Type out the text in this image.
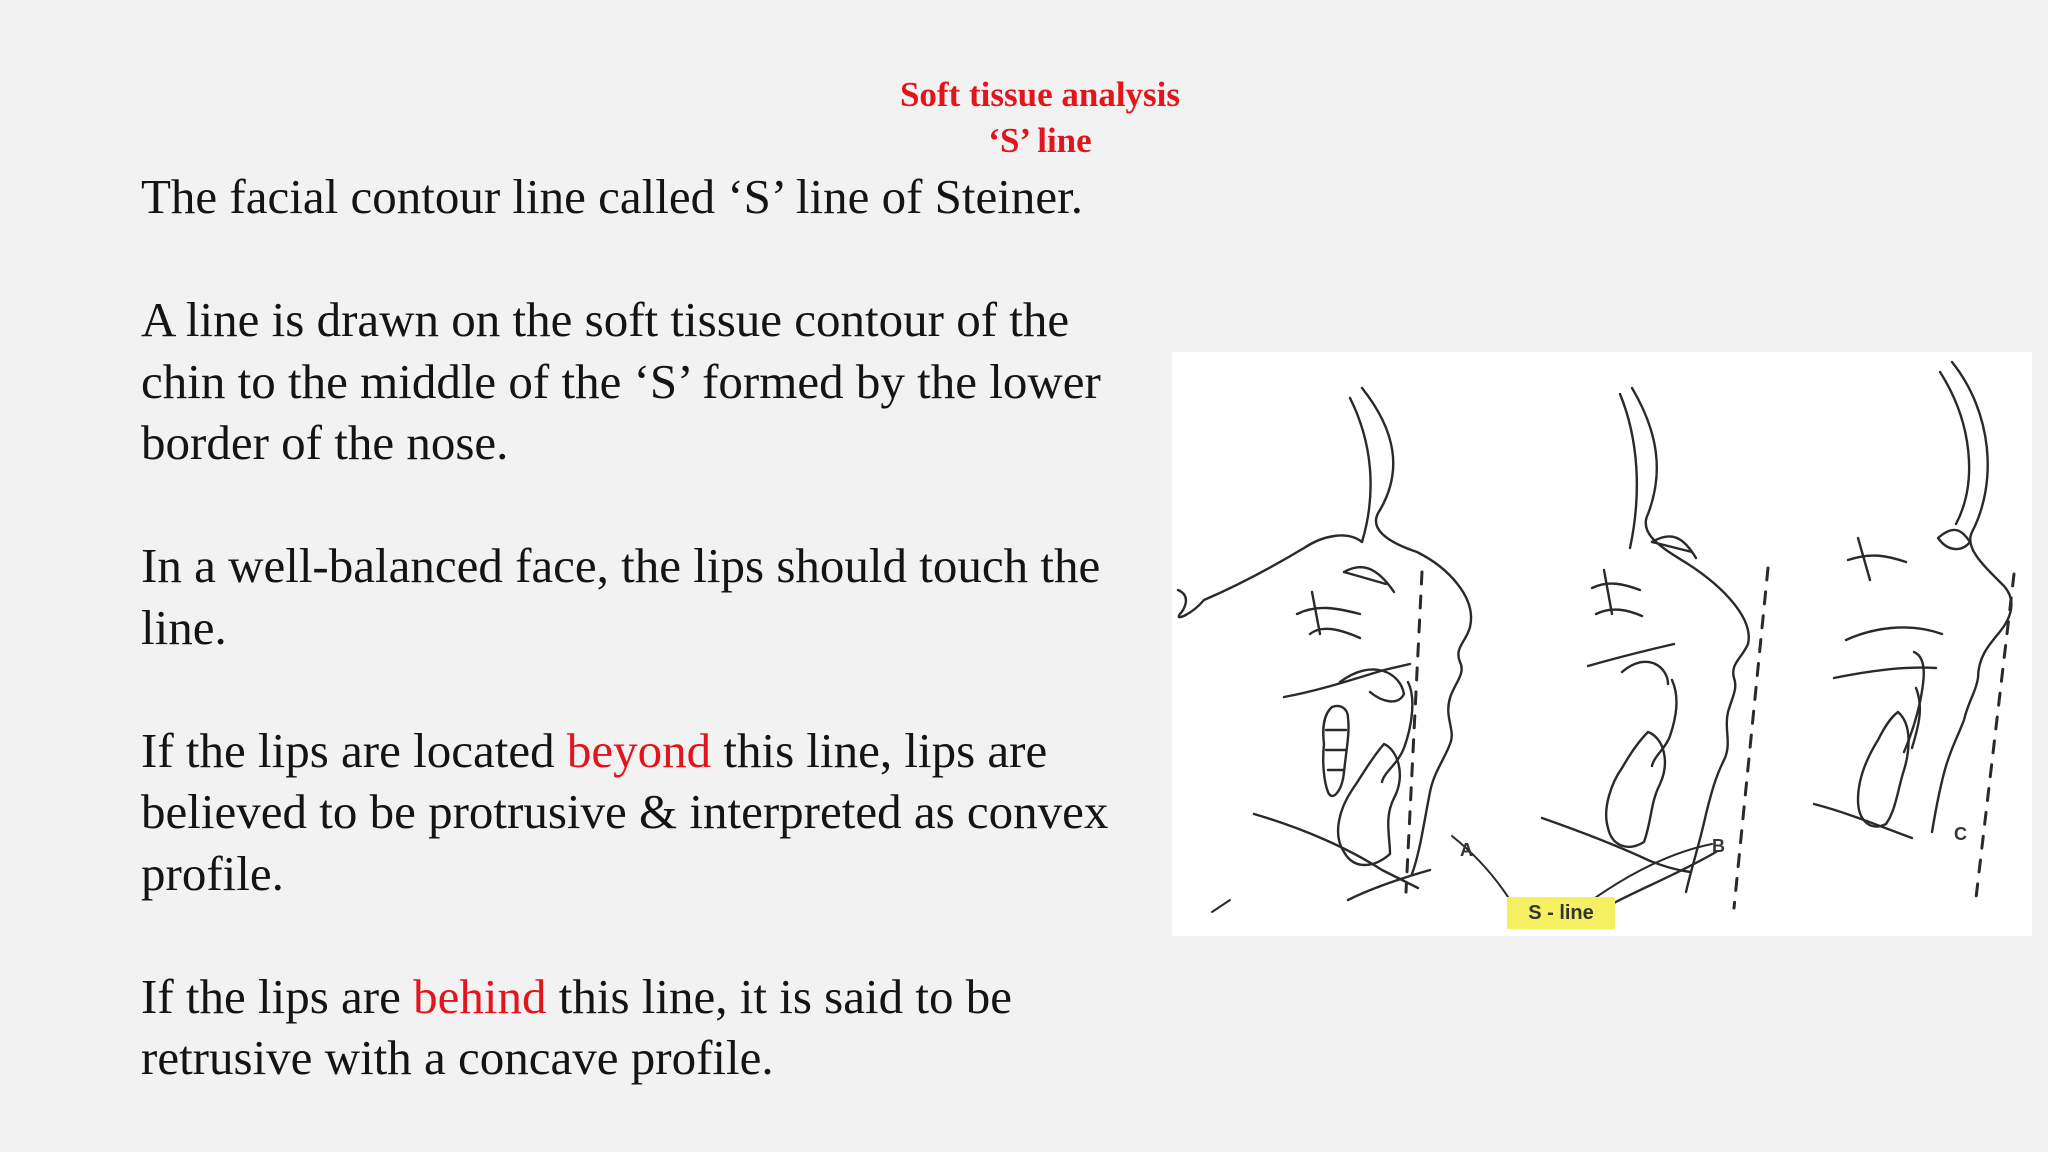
Soft tissue analysis
‘S’ line
The facial contour line called ‘S’ line of Steiner.
A line is drawn on the soft tissue contour of the
chin to the middle of the ‘S’ formed by the lower
border of the nose.
In a well-balanced face, the lips should touch the
line.
If the lips are located beyond this line, lips are
believed to be protrusive & interpreted as convex
profile.
If the lips are behind this line, it is said to be
retrusive with a concave profile.
A	B
C
S - line
